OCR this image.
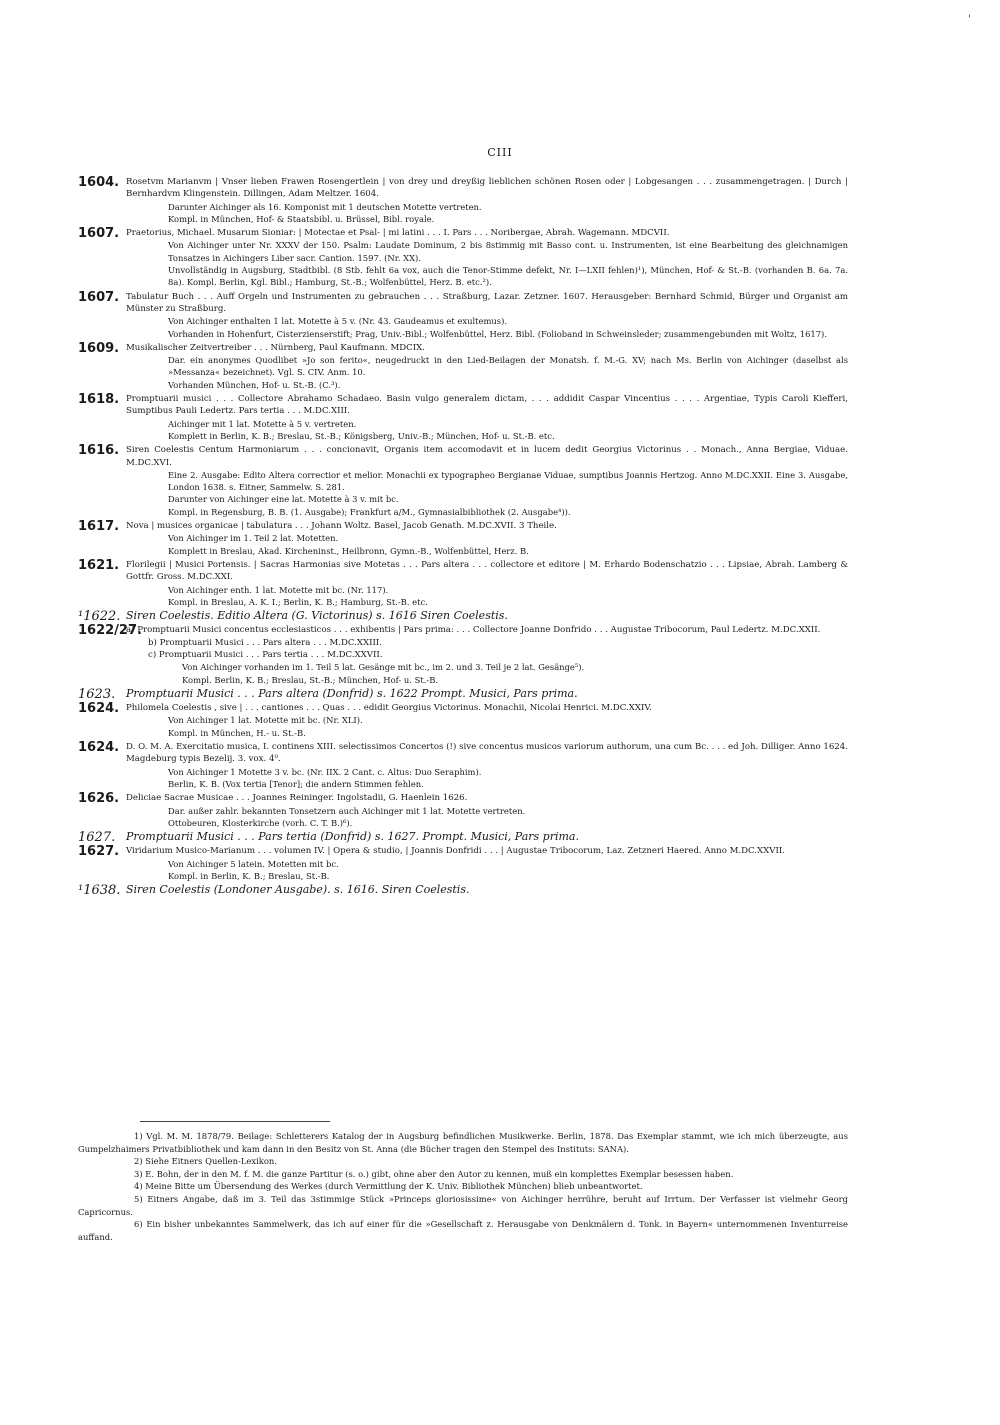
'
CIII
1604. Rosetvm Marianvm | Vnser lieben Frawen Rosengertlein | von drey und dreyßig lieblichen schönen Rosen oder | Lobgesangen . . . zusammengetragen. | Durch | Bernhardvm Klingenstein. Dillingen, Adam Meltzer. 1604.
Darunter Aichinger als 16. Komponist mit 1 deutschen Motette vertreten.
Kompl. in München, Hof- & Staatsbibl. u. Brüssel, Bibl. royale.
1607. Praetorius, Michael. Musarum Sioniar: | Motectae et Psal- | mi latini . . . I. Pars . . . Noribergae, Abrah. Wagemann. MDCVII.
Von Aichinger unter Nr. XXXV der 150. Psalm: Laudate Dominum, 2 bis 8stimmig mit Basso cont. u. Instrumenten, ist eine Bearbeitung des gleichnamigen Tonsatzes in Aichingers Liber sacr. Cantion. 1597. (Nr. XX).
Unvollständig in Augsburg, Stadtbibl. (8 Stb. fehlt 6a vox, auch die Tenor-Stimme defekt, Nr. I—LXII fehlen)¹), München, Hof- & St.-B. (vorhanden B. 6a. 7a. 8a). Kompl. Berlin, Kgl. Bibl.; Hamburg, St.-B.; Wolfenbüttel, Herz. B. etc.²).
1607. Tabulatur Buch . . . Auff Orgeln und Instrumenten zu gebrauchen . . . Straßburg, Lazar. Zetzner. 1607. Herausgeber: Bernhard Schmid, Bürger und Organist am Münster zu Straßburg.
Von Aichinger enthalten 1 lat. Motette à 5 v. (Nr. 43. Gaudeamus et exultemus).
Vorhanden in Hohenfurt, Cisterzienserstift; Prag, Univ.-Bibl.; Wolfenbüttel, Herz. Bibl. (Folioband in Schweinsleder; zusammengebunden mit Woltz, 1617).
1609. Musikalischer Zeitvertreiber . . . Nürnberg, Paul Kaufmann. MDCIX.
Dar. ein anonymes Quodlibet »Jo son ferito«, neugedruckt in den Lied-Beilagen der Monatsh. f. M.-G. XV; nach Ms. Berlin von Aichinger (daselbst als »Messanza« bezeichnet). Vgl. S. CIV. Anm. 10.
Vorhanden München, Hof- u. St.-B. (C.³).
1618. Promptuarii musici . . . Collectore Abrahamo Schadaeo. Basin vulgo generalem dictam, . . . addidit Caspar Vincentius . . . . Argentiae, Typis Caroli Kiefferi, Sumptibus Pauli Ledertz. Pars tertia . . . M.DC.XIII.
Aichinger mit 1 lat. Motette à 5 v. vertreten.
Komplett in Berlin, K. B.; Breslau, St.-B.; Königsberg, Univ.-B.; München, Hof- u. St.-B. etc.
1616. Siren Coelestis Centum Harmoniarum . . . concionavit, Organis item accomodavit et in lucem dedit Georgius Victorinus . . Monach., Anna Bergiae, Viduae. M.DC.XVI.
Eine 2. Ausgabe: Edito Altera correctior et melior. Monachii ex typographeo Bergianae Viduae, sumptibus Joannis Hertzog. Anno M.DC.XXII. Eine 3. Ausgabe, London 1638. s. Eitner, Sammelw. S. 281.
Darunter von Aichinger eine lat. Motette à 3 v. mit bc.
Kompl. in Regensburg, B. B. (1. Ausgabe); Frankfurt a/M., Gymnasialbibliothek (2. Ausgabe⁴)).
1617. Nova | musices organicae | tabulatura . . . Johann Woltz. Basel, Jacob Genath. M.DC.XVII. 3 Theile.
Von Aichinger im 1. Teil 2 lat. Motetten.
Komplett in Breslau, Akad. Kircheninst., Heilbronn, Gymn.-B., Wolfenbüttel, Herz. B.
1621. Florilegii | Musici Portensis. | Sacras Harmonias sive Motetas . . . Pars altera . . . collectore et editore | M. Erhardo Bodenschatzio . . . Lipsiae, Abrah. Lamberg & Gottfr. Gross. M.DC.XXI.
Von Aichinger enth. 1 lat. Motette mit bc. (Nr. 117).
Kompl. in Breslau, A. K. I.; Berlin, K. B.; Hamburg, St.-B. etc.
¹1622. Siren Coelestis. Editio Altera (G. Victorinus) s. 1616 Siren Coelestis.
1622/27.
a) Promptuarii Musici concentus ecclesiasticos . . . exhibentis | Pars prima: . . . Collectore Joanne Donfrido . . . Augustae Tribocorum, Paul Ledertz. M.DC.XXII.
b) Promptuarii Musici . . . Pars altera . . . M.DC.XXIII.
c) Promptuarii Musici . . . Pars tertia . . . M.DC.XXVII.
Von Aichinger vorhanden im 1. Teil 5 lat. Gesänge mit bc., im 2. und 3. Teil je 2 lat. Gesänge⁵).
Kompl. Berlin, K. B.; Breslau, St.-B.; München, Hof- u. St.-B.
1623. Promptuarii Musici . . . Pars altera (Donfrid) s. 1622 Prompt. Musici, Pars prima.
1624. Philomela Coelestis , sive | . . . cantiones . . . Quas . . . edidit Georgius Victorinus. Monachii, Nicolai Henrici. M.DC.XXIV.
Von Aichinger 1 lat. Motette mit bc. (Nr. XLI).
Kompl. in München, H.- u. St.-B.
1624. D. O. M. A. Exercitatio musica, I. continens XIII. selectissimos Concertos (!) sive concentus musicos variorum authorum, una cum Bc. . . . ed Joh. Dilliger. Anno 1624. Magdeburg typis Bezelij. 3. vox. 4⁰.
Von Aichinger 1 Motette 3 v. bc. (Nr. IIX. 2 Cant. c. Altus: Duo Seraphim).
Berlin, K. B. (Vox tertia [Tenor]; die andern Stimmen fehlen.
1626. Deliciae Sacrae Musicae . . . Joannes Reininger. Ingolstadii, G. Haenlein 1626.
Dar. außer zahlr. bekannten Tonsetzern auch Aichinger mit 1 lat. Motette vertreten.
Ottobeuren, Klosterkirche (vorh. C. T. B.)⁶).
1627. Promptuarii Musici . . . Pars tertia (Donfrid) s. 1627. Prompt. Musici, Pars prima.
1627. Viridarium Musico-Marianum . . . volumen IV. | Opera & studio, | Joannis Donfridi . . . | Augustae Tribocorum, Laz. Zetzneri Haered. Anno M.DC.XXVII.
Von Aichinger 5 latein. Motetten mit bc.
Kompl. in Berlin, K. B.; Breslau, St.-B.
¹1638. Siren Coelestis (Londoner Ausgabe). s. 1616. Siren Coelestis.
1) Vgl. M. M. 1878/79. Beilage: Schletterers Katalog der in Augsburg befindlichen Musikwerke. Berlin, 1878. Das Exemplar stammt, wie ich mich überzeugte, aus Gumpelzhaimers Privatbibliothek und kam dann in den Besitz von St. Anna (die Bücher tragen den Stempel des Instituts: SANA).
2) Siehe Eitners Quellen-Lexikon.
3) E. Bohn, der in den M. f. M. die ganze Partitur (s. o.) gibt, ohne aber den Autor zu kennen, muß ein komplettes Exemplar besessen haben.
4) Meine Bitte um Übersendung des Werkes (durch Vermittlung der K. Univ. Bibliothek München) blieb unbeantwortet.
5) Eitners Angabe, daß im 3. Teil das 3stimmige Stück »Princeps gloriosissime« von Aichinger herrühre, beruht auf Irrtum. Der Verfasser ist vielmehr Georg Capricornus.
6) Ein bisher unbekanntes Sammelwerk, das ich auf einer für die »Gesellschaft z. Herausgabe von Denkmälern d. Tonk. in Bayern« unternommenen Inventurreise auffand.
